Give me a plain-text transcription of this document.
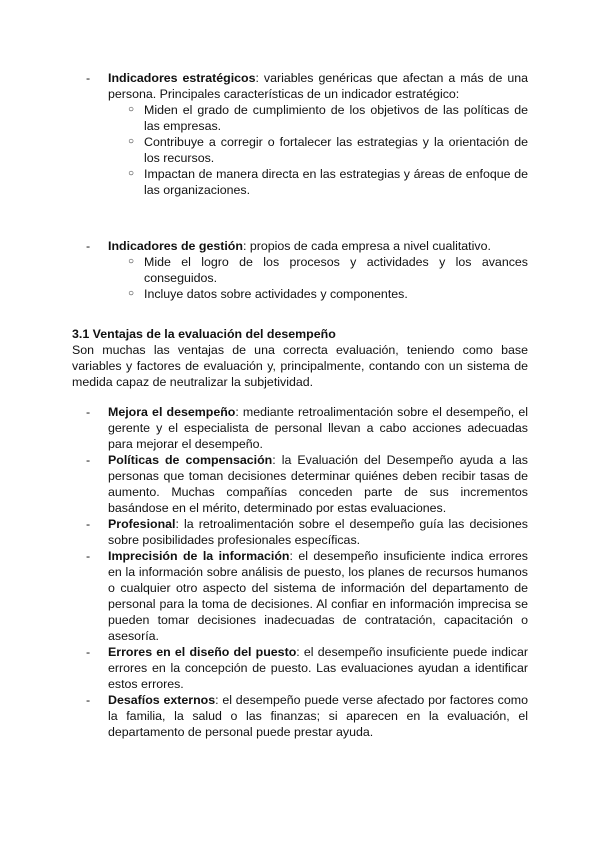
- Indicadores estratégicos: variables genéricas que afectan a más de una persona. Principales características de un indicador estratégico:

○ Miden el grado de cumplimiento de los objetivos de las políticas de las empresas.

○ Contribuye a corregir o fortalecer las estrategias y la orientación de los recursos.

○ Impactan de manera directa en las estrategias y áreas de enfoque de las organizaciones.

- Indicadores de gestión: propios de cada empresa a nivel cualitativo.

○ Mide el logro de los procesos y actividades y los avances conseguidos.

○ Incluye datos sobre actividades y componentes.

3.1 Ventajas de la evaluación del desempeño

Son muchas las ventajas de una correcta evaluación, teniendo como base variables y factores de evaluación y, principalmente, contando con un sistema de medida capaz de neutralizar la subjetividad.

- Mejora el desempeño: mediante retroalimentación sobre el desempeño, el gerente y el especialista de personal llevan a cabo acciones adecuadas para mejorar el desempeño.

- Políticas de compensación: la Evaluación del Desempeño ayuda a las personas que toman decisiones determinar quiénes deben recibir tasas de aumento. Muchas compañías conceden parte de sus incrementos basándose en el mérito, determinado por estas evaluaciones.

- Profesional: la retroalimentación sobre el desempeño guía las decisiones sobre posibilidades profesionales específicas.

- Imprecisión de la información: el desempeño insuficiente indica errores en la información sobre análisis de puesto, los planes de recursos humanos o cualquier otro aspecto del sistema de información del departamento de personal para la toma de decisiones. Al confiar en información imprecisa se pueden tomar decisiones inadecuadas de contratación, capacitación o asesoría.

- Errores en el diseño del puesto: el desempeño insuficiente puede indicar errores en la concepción de puesto. Las evaluaciones ayudan a identificar estos errores.

- Desafíos externos: el desempeño puede verse afectado por factores como la familia, la salud o las finanzas; si aparecen en la evaluación, el departamento de personal puede prestar ayuda.
